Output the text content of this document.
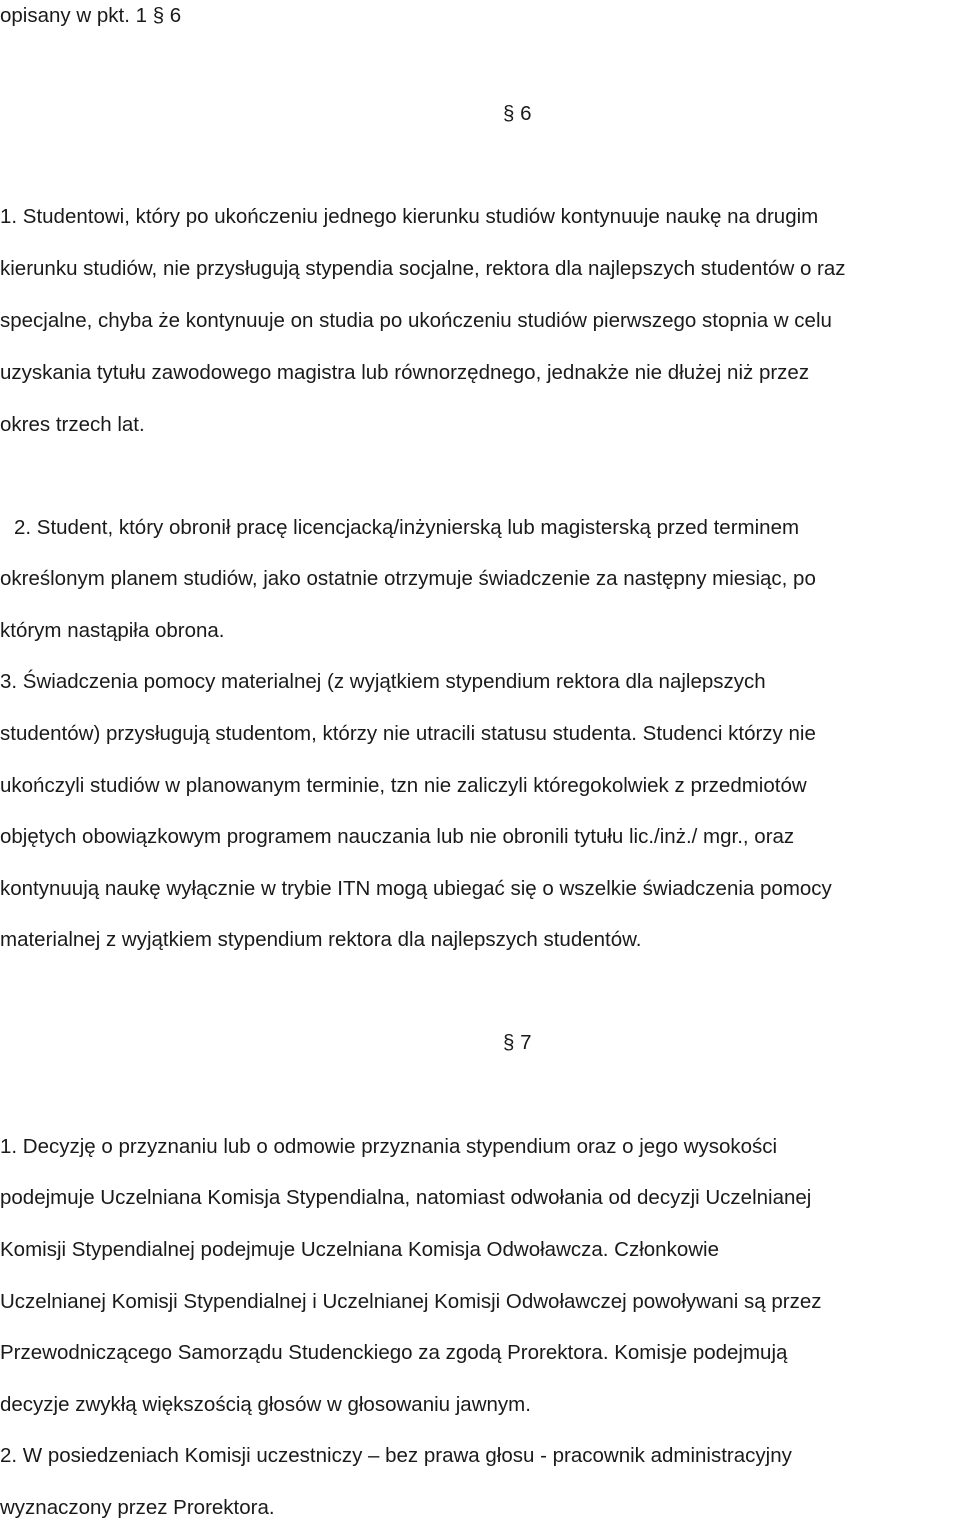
opisany w pkt. 1 § 6
§ 6
1. Studentowi, który po ukończeniu jednego kierunku studiów kontynuuje naukę na drugim
kierunku studiów, nie przysługują stypendia socjalne, rektora dla najlepszych studentów o raz
specjalne, chyba że kontynuuje on studia po ukończeniu studiów pierwszego stopnia w celu
uzyskania tytułu zawodowego magistra lub równorzędnego, jednakże nie dłużej niż przez
okres trzech lat.
2. Student, który obronił pracę licencjacką/inżynierską lub magisterską przed terminem
określonym planem studiów, jako ostatnie otrzymuje świadczenie za następny miesiąc, po
którym nastąpiła obrona.
3. Świadczenia pomocy materialnej (z wyjątkiem stypendium rektora dla najlepszych
studentów) przysługują studentom, którzy nie utracili statusu studenta. Studenci którzy nie
ukończyli studiów w planowanym terminie, tzn nie zaliczyli któregokolwiek z przedmiotów
objętych obowiązkowym programem nauczania lub nie obronili tytułu lic./inż./ mgr., oraz
kontynuują naukę wyłącznie w trybie ITN mogą ubiegać się o wszelkie świadczenia pomocy
materialnej z wyjątkiem stypendium rektora dla najlepszych studentów.
§ 7
1. Decyzję o przyznaniu lub o odmowie przyznania stypendium oraz o jego wysokości
podejmuje Uczelniana Komisja Stypendialna, natomiast odwołania od decyzji Uczelnianej
Komisji Stypendialnej podejmuje Uczelniana Komisja Odwoławcza. Członkowie
Uczelnianej Komisji Stypendialnej i Uczelnianej Komisji Odwoławczej powoływani są przez
Przewodniczącego Samorządu Studenckiego za zgodą Prorektora. Komisje podejmują
decyzje zwykłą większością głosów w głosowaniu jawnym.
2. W posiedzeniach Komisji uczestniczy – bez prawa głosu - pracownik administracyjny
wyznaczony przez Prorektora.
